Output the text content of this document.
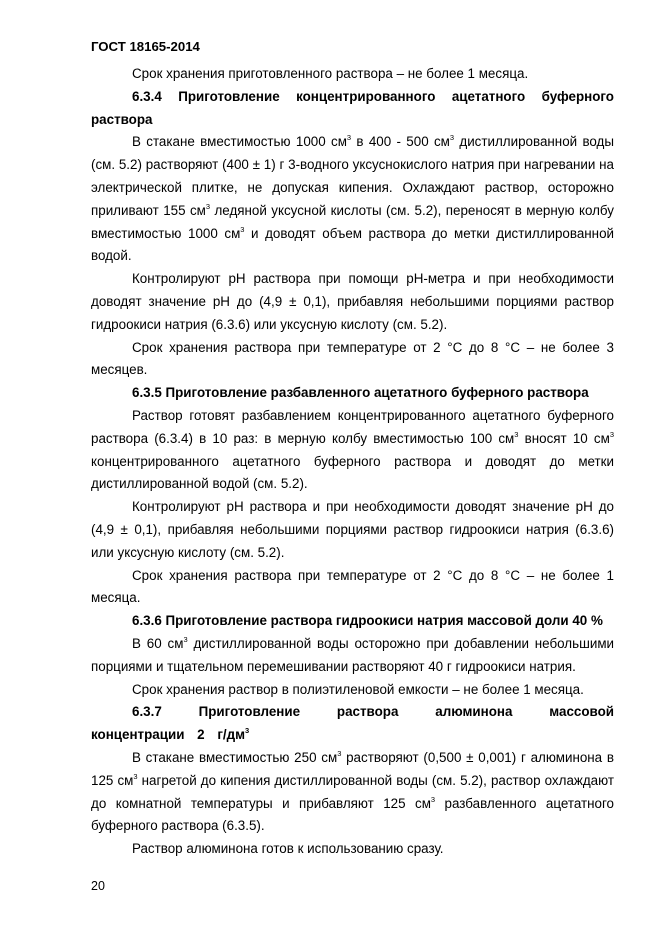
ГОСТ 18165-2014

Срок хранения приготовленного раствора – не более 1 месяца.

6.3.4 Приготовление концентрированного ацетатного буферного раствора

В стакане вместимостью 1000 $см^3$ в 400 - 500 $см^3$ дистиллированной воды (см. 5.2) растворяют (400 ± 1) г 3-водного уксуснокислого натрия при нагревании на электрической плитке, не допуская кипения. Охлаждают раствор, осторожно приливают 155 $см^3$ ледяной уксусной кислоты (см. 5.2), переносят в мерную колбу вместимостью 1000 $см^3$ и доводят объем раствора до метки дистиллированной водой.

Контролируют pH раствора при помощи pH-метра и при необходимости доводят значение pH до (4,9 ± 0,1), прибавляя небольшими порциями раствор гидроокиси натрия (6.3.6) или уксусную кислоту (см. 5.2).

Срок хранения раствора при температуре от 2 °С до 8 °С – не более 3 месяцев.

6.3.5 Приготовление разбавленного ацетатного буферного раствора

Раствор готовят разбавлением концентрированного ацетатного буферного раствора (6.3.4) в 10 раз: в мерную колбу вместимостью 100 $см^3$ вносят 10 $см^3$ концентрированного ацетатного буферного раствора и доводят до метки дистиллированной водой (см. 5.2).

Контролируют pH раствора и при необходимости доводят значение pH до (4,9 ± 0,1), прибавляя небольшими порциями раствор гидроокиси натрия (6.3.6) или уксусную кислоту (см. 5.2).

Срок хранения раствора при температуре от 2 °С до 8 °С – не более 1 месяца.

6.3.6 Приготовление раствора гидроокиси натрия массовой доли 40 %

В 60 $см^3$ дистиллированной воды осторожно при добавлении небольшими порциями и тщательном перемешивании растворяют 40 г гидроокиси натрия.

Срок хранения раствор в полиэтиленовой емкости – не более 1 месяца.

6.3.7 Приготовление раствора алюминона массовой концентрации 2 $г/дм^3$

В стакане вместимостью 250 $см^3$ растворяют (0,500 ± 0,001) г алюминона в 125 $см^3$ нагретой до кипения дистиллированной воды (см. 5.2), раствор охлаждают до комнатной температуры и прибавляют 125 $см^3$ разбавленного ацетатного буферного раствора (6.3.5).

Раствор алюминона готов к использованию сразу.

20
